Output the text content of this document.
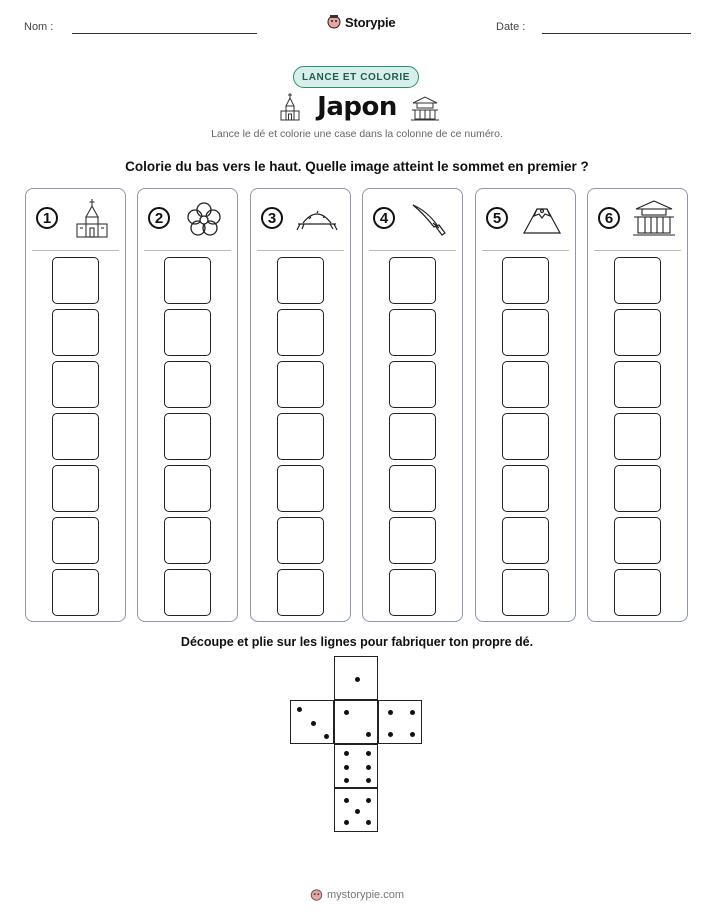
Nom :	Storypie	Date :
LANCE ET COLORIE
Japon
Lance le dé et colorie une case dans la colonne de ce numéro.
Colorie du bas vers le haut. Quelle image atteint le sommet en premier ?
1	2	3	4	5	6
Découpe et plie sur les lignes pour fabriquer ton propre dé.
mystorypie.com
